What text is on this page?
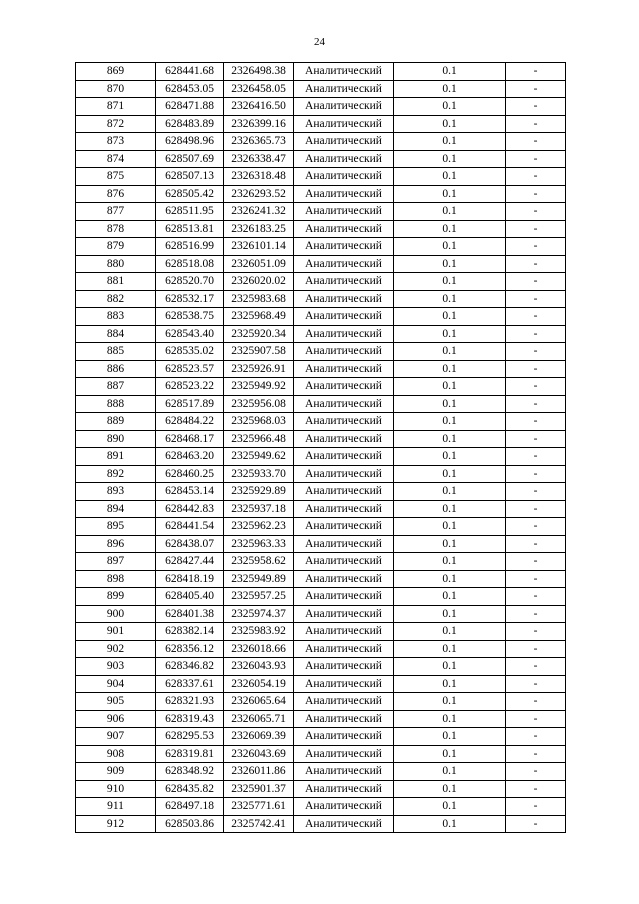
24
869	628441.68	2326498.38	Аналитический	0.1	-
870	628453.05	2326458.05	Аналитический	0.1	-
871	628471.88	2326416.50	Аналитический	0.1	-
872	628483.89	2326399.16	Аналитический	0.1	-
873	628498.96	2326365.73	Аналитический	0.1	-
874	628507.69	2326338.47	Аналитический	0.1	-
875	628507.13	2326318.48	Аналитический	0.1	-
876	628505.42	2326293.52	Аналитический	0.1	-
877	628511.95	2326241.32	Аналитический	0.1	-
878	628513.81	2326183.25	Аналитический	0.1	-
879	628516.99	2326101.14	Аналитический	0.1	-
880	628518.08	2326051.09	Аналитический	0.1	-
881	628520.70	2326020.02	Аналитический	0.1	-
882	628532.17	2325983.68	Аналитический	0.1	-
883	628538.75	2325968.49	Аналитический	0.1	-
884	628543.40	2325920.34	Аналитический	0.1	-
885	628535.02	2325907.58	Аналитический	0.1	-
886	628523.57	2325926.91	Аналитический	0.1	-
887	628523.22	2325949.92	Аналитический	0.1	-
888	628517.89	2325956.08	Аналитический	0.1	-
889	628484.22	2325968.03	Аналитический	0.1	-
890	628468.17	2325966.48	Аналитический	0.1	-
891	628463.20	2325949.62	Аналитический	0.1	-
892	628460.25	2325933.70	Аналитический	0.1	-
893	628453.14	2325929.89	Аналитический	0.1	-
894	628442.83	2325937.18	Аналитический	0.1	-
895	628441.54	2325962.23	Аналитический	0.1	-
896	628438.07	2325963.33	Аналитический	0.1	-
897	628427.44	2325958.62	Аналитический	0.1	-
898	628418.19	2325949.89	Аналитический	0.1	-
899	628405.40	2325957.25	Аналитический	0.1	-
900	628401.38	2325974.37	Аналитический	0.1	-
901	628382.14	2325983.92	Аналитический	0.1	-
902	628356.12	2326018.66	Аналитический	0.1	-
903	628346.82	2326043.93	Аналитический	0.1	-
904	628337.61	2326054.19	Аналитический	0.1	-
905	628321.93	2326065.64	Аналитический	0.1	-
906	628319.43	2326065.71	Аналитический	0.1	-
907	628295.53	2326069.39	Аналитический	0.1	-
908	628319.81	2326043.69	Аналитический	0.1	-
909	628348.92	2326011.86	Аналитический	0.1	-
910	628435.82	2325901.37	Аналитический	0.1	-
911	628497.18	2325771.61	Аналитический	0.1	-
912	628503.86	2325742.41	Аналитический	0.1	-
